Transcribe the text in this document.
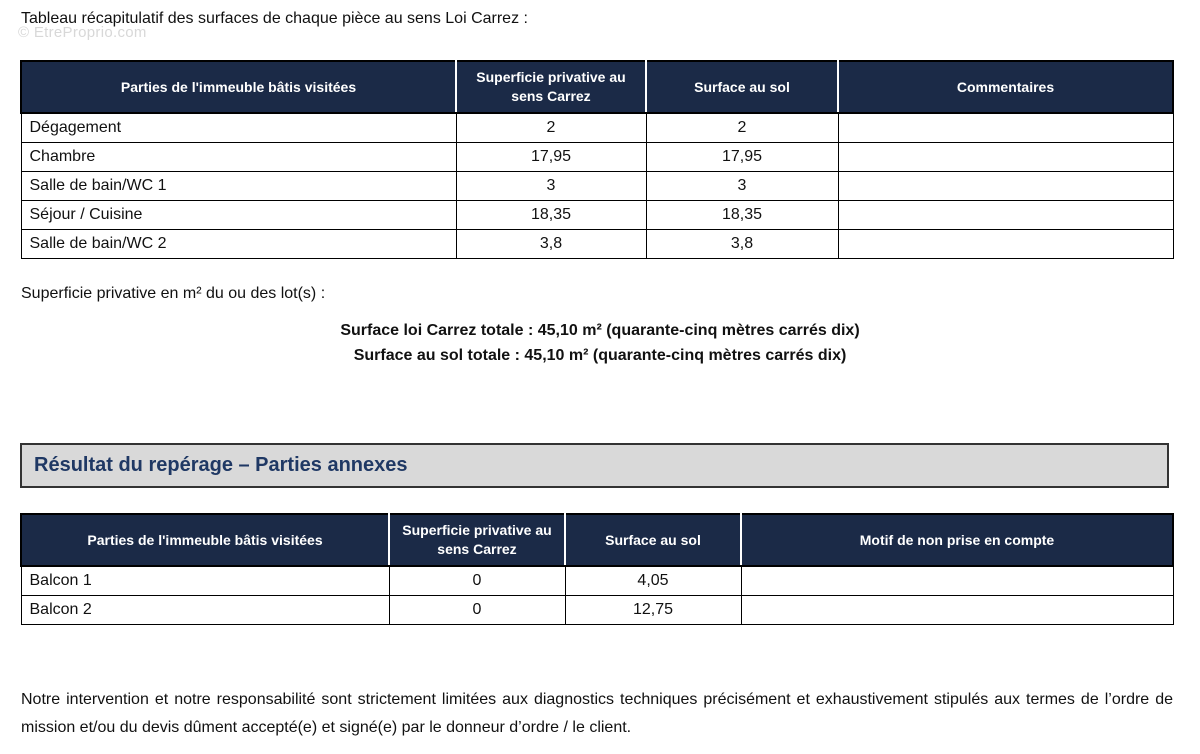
© EtreProprio.com
Tableau récapitulatif des surfaces de chaque pièce au sens Loi Carrez :
Parties de l'immeuble bâtis visitées	Superficie privative au sens Carrez	Surface au sol	Commentaires
Dégagement	2	2	
Chambre	17,95	17,95	
Salle de bain/WC 1	3	3	
Séjour / Cuisine	18,35	18,35	
Salle de bain/WC 2	3,8	3,8	
Superficie privative en m² du ou des lot(s) :
Surface loi Carrez totale : 45,10 m² (quarante-cinq mètres carrés dix)
Surface au sol totale : 45,10 m² (quarante-cinq mètres carrés dix)
Résultat du repérage – Parties annexes
Parties de l'immeuble bâtis visitées	Superficie privative au sens Carrez	Surface au sol	Motif de non prise en compte
Balcon 1	0	4,05	
Balcon 2	0	12,75	
Notre intervention et notre responsabilité sont strictement limitées aux diagnostics techniques précisément et exhaustivement stipulés aux termes de l’ordre de mission et/ou du devis dûment accepté(e) et signé(e) par le donneur d’ordre / le client.
